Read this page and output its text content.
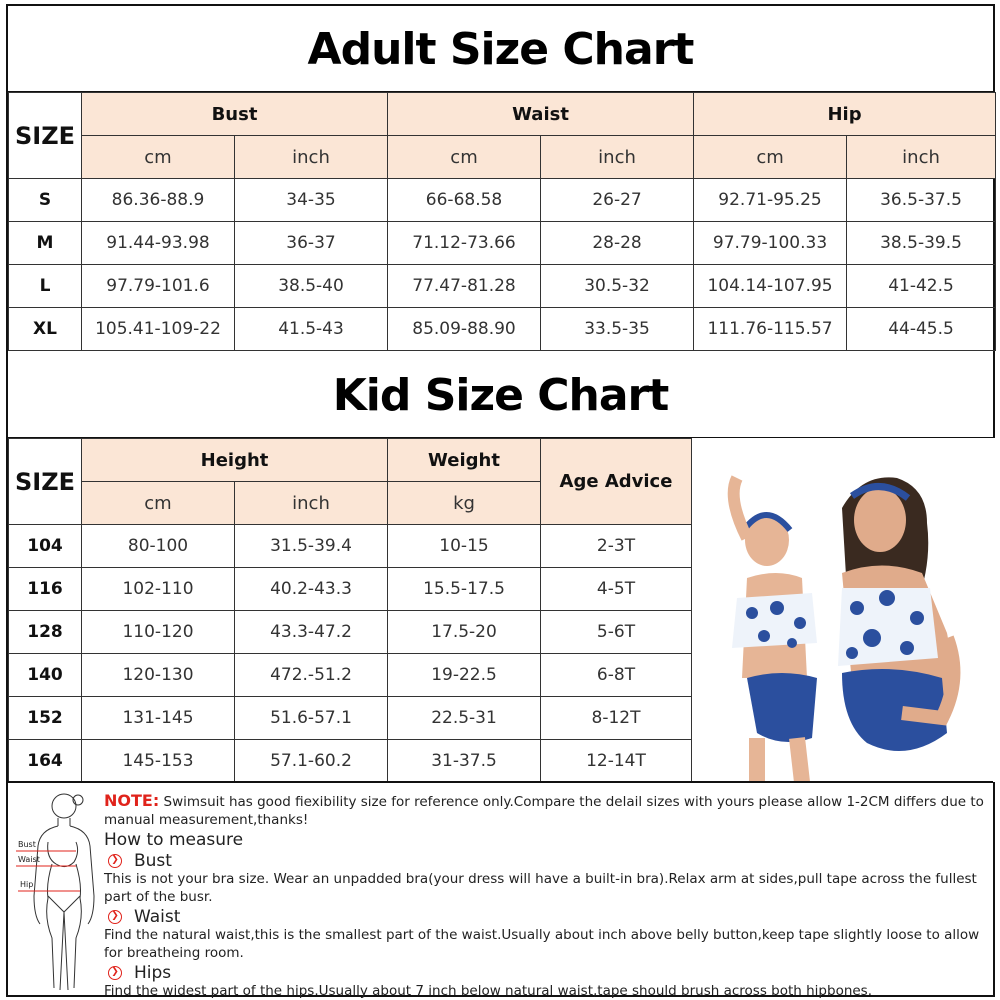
Adult Size Chart
SIZE	Bust		Waist		Hip	
	cm	inch	cm	inch	cm	inch
S	86.36-88.9	34-35	66-68.58	26-27	92.71-95.25	36.5-37.5
M	91.44-93.98	36-37	71.12-73.66	28-28	97.79-100.33	38.5-39.5
L	97.79-101.6	38.5-40	77.47-81.28	30.5-32	104.14-107.95	41-42.5
XL	105.41-109-22	41.5-43	85.09-88.90	33.5-35	111.76-115.57	44-45.5
Kid Size Chart
SIZE	Height		Weight	Age Advice
	cm	inch	kg	
104	80-100	31.5-39.4	10-15	2-3T
116	102-110	40.2-43.3	15.5-17.5	4-5T
128	110-120	43.3-47.2	17.5-20	5-6T
140	120-130	472.-51.2	19-22.5	6-8T
152	131-145	51.6-57.1	22.5-31	8-12T
164	145-153	57.1-60.2	31-37.5	12-14T
Bust
Waist
Hip
NOTE: Swimsuit has good fiexibility size for reference only.Compare the delail sizes with yours please allow 1-2CM differs due to manual measurement,thanks!
How to measure
❯ Bust
This is not your bra size. Wear an unpadded bra(your dress will have a built-in bra).Relax arm at sides,pull tape across the fullest part of the busr.
❯ Waist
Find the natural waist,this is the smallest part of the waist.Usually about inch above belly button,keep tape slightly loose to allow for breatheing room.
❯ Hips
Find the widest part of the hips.Usually about 7 inch below natural waist,tape should brush across both hipbones.
